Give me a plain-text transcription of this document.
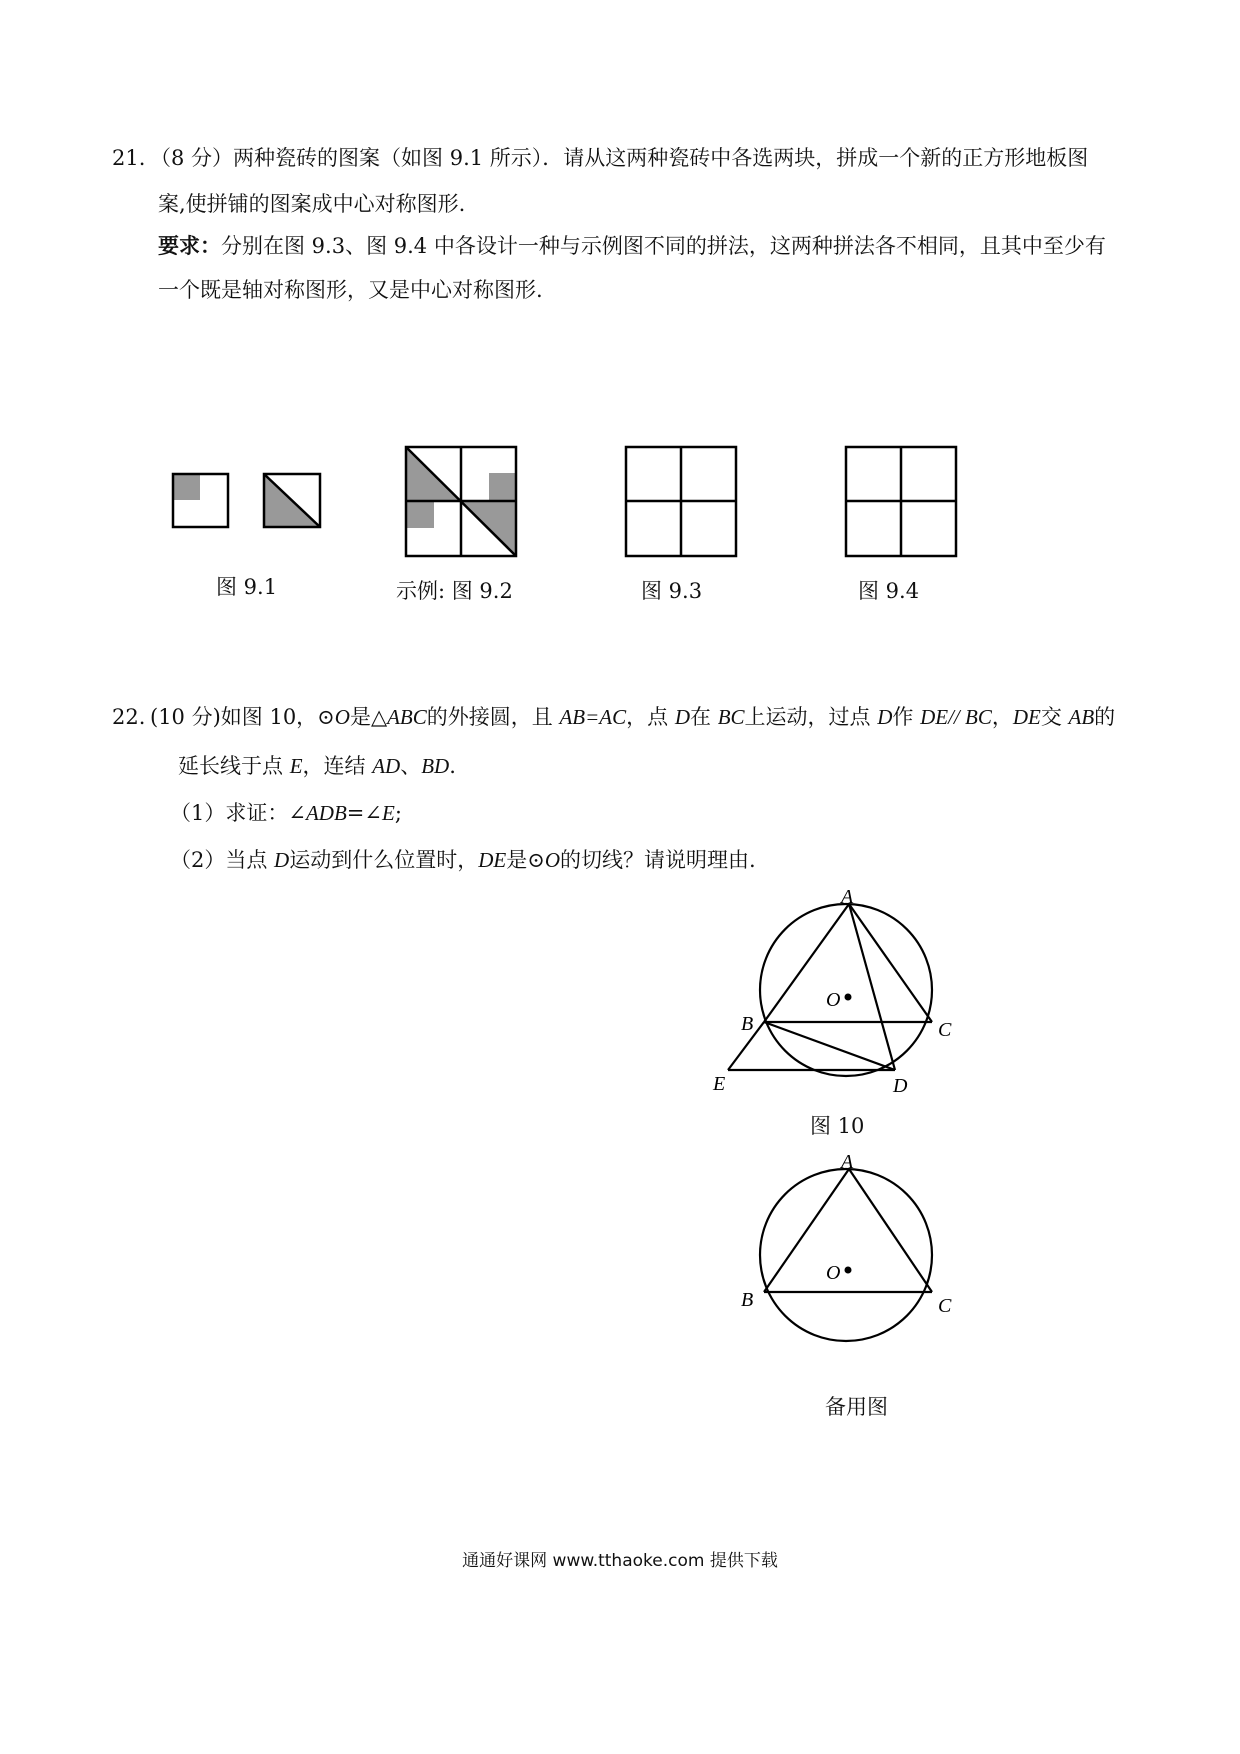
21. （8 分）两种瓷砖的图案（如图 9.1 所示）．请从这两种瓷砖中各选两块，拼成一个新的正方形地板图
案,使拼铺的图案成中心对称图形.
要求：分别在图 9.3、图 9.4 中各设计一种与示例图不同的拼法，这两种拼法各不相同，且其中至少有
一个既是轴对称图形，又是中心对称图形.
图 9.1	示例: 图 9.2	图 9.3	图 9.4
22. (10 分)如图 10，⊙O是△ABC的外接圆，且 AB=AC，点 D在 BC上运动，过点 D作 DE// BC，DE交 AB的
延长线于点 E，连结 AD、BD.
（1）求证：∠ADB=∠E;
（2）当点 D运动到什么位置时，DE是⊙O的切线？请说明理由.
A
O
B	C
E	D
A
O
B	C
图 10
备用图
通通好课网 www.tthaoke.com 提供下载
